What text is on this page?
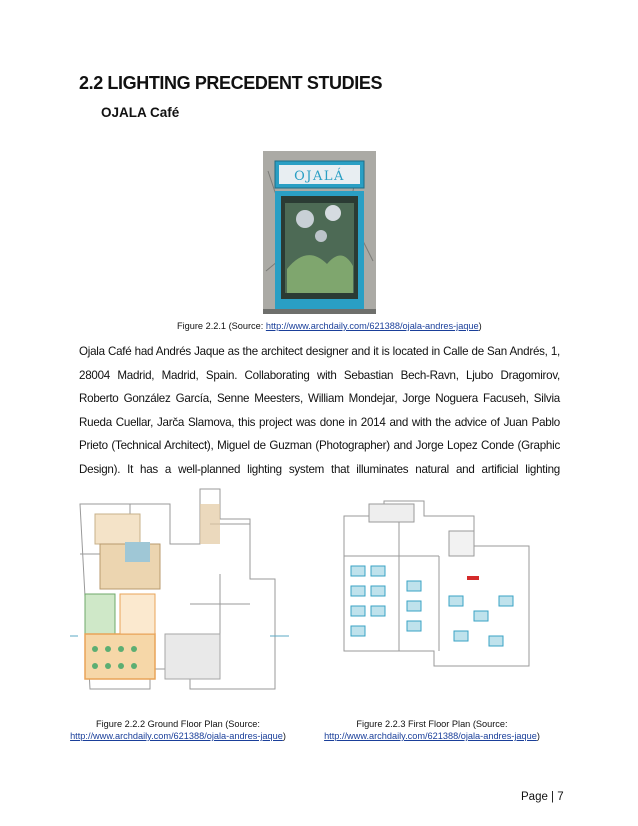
2.2 LIGHTING PRECEDENT STUDIES
OJALA Café
OJALÁ
Figure 2.2.1 (Source: http://www.archdaily.com/621388/ojala-andres-jaque)
Ojala Café had Andrés Jaque as the architect designer and it is located in Calle de San Andrés, 1, 28004 Madrid, Madrid, Spain. Collaborating with Sebastian Bech-Ravn, Ljubo Dragomirov, Roberto González García, Senne Meesters, William Mondejar, Jorge Noguera Facuseh, Silvia Rueda Cuellar, Jarča Slamova, this project was done in 2014 and with the advice of Juan Pablo Prieto (Technical Architect), Miguel de Guzman (Photographer) and Jorge Lopez Conde (Graphic Design). It has a well-planned lighting system that illuminates natural and artificial lighting
Figure 2.2.2 Ground Floor Plan (Source:
http://www.archdaily.com/621388/ojala-andres-jaque)
Figure 2.2.3 First Floor Plan (Source:
http://www.archdaily.com/621388/ojala-andres-jaque)
Page | 7
